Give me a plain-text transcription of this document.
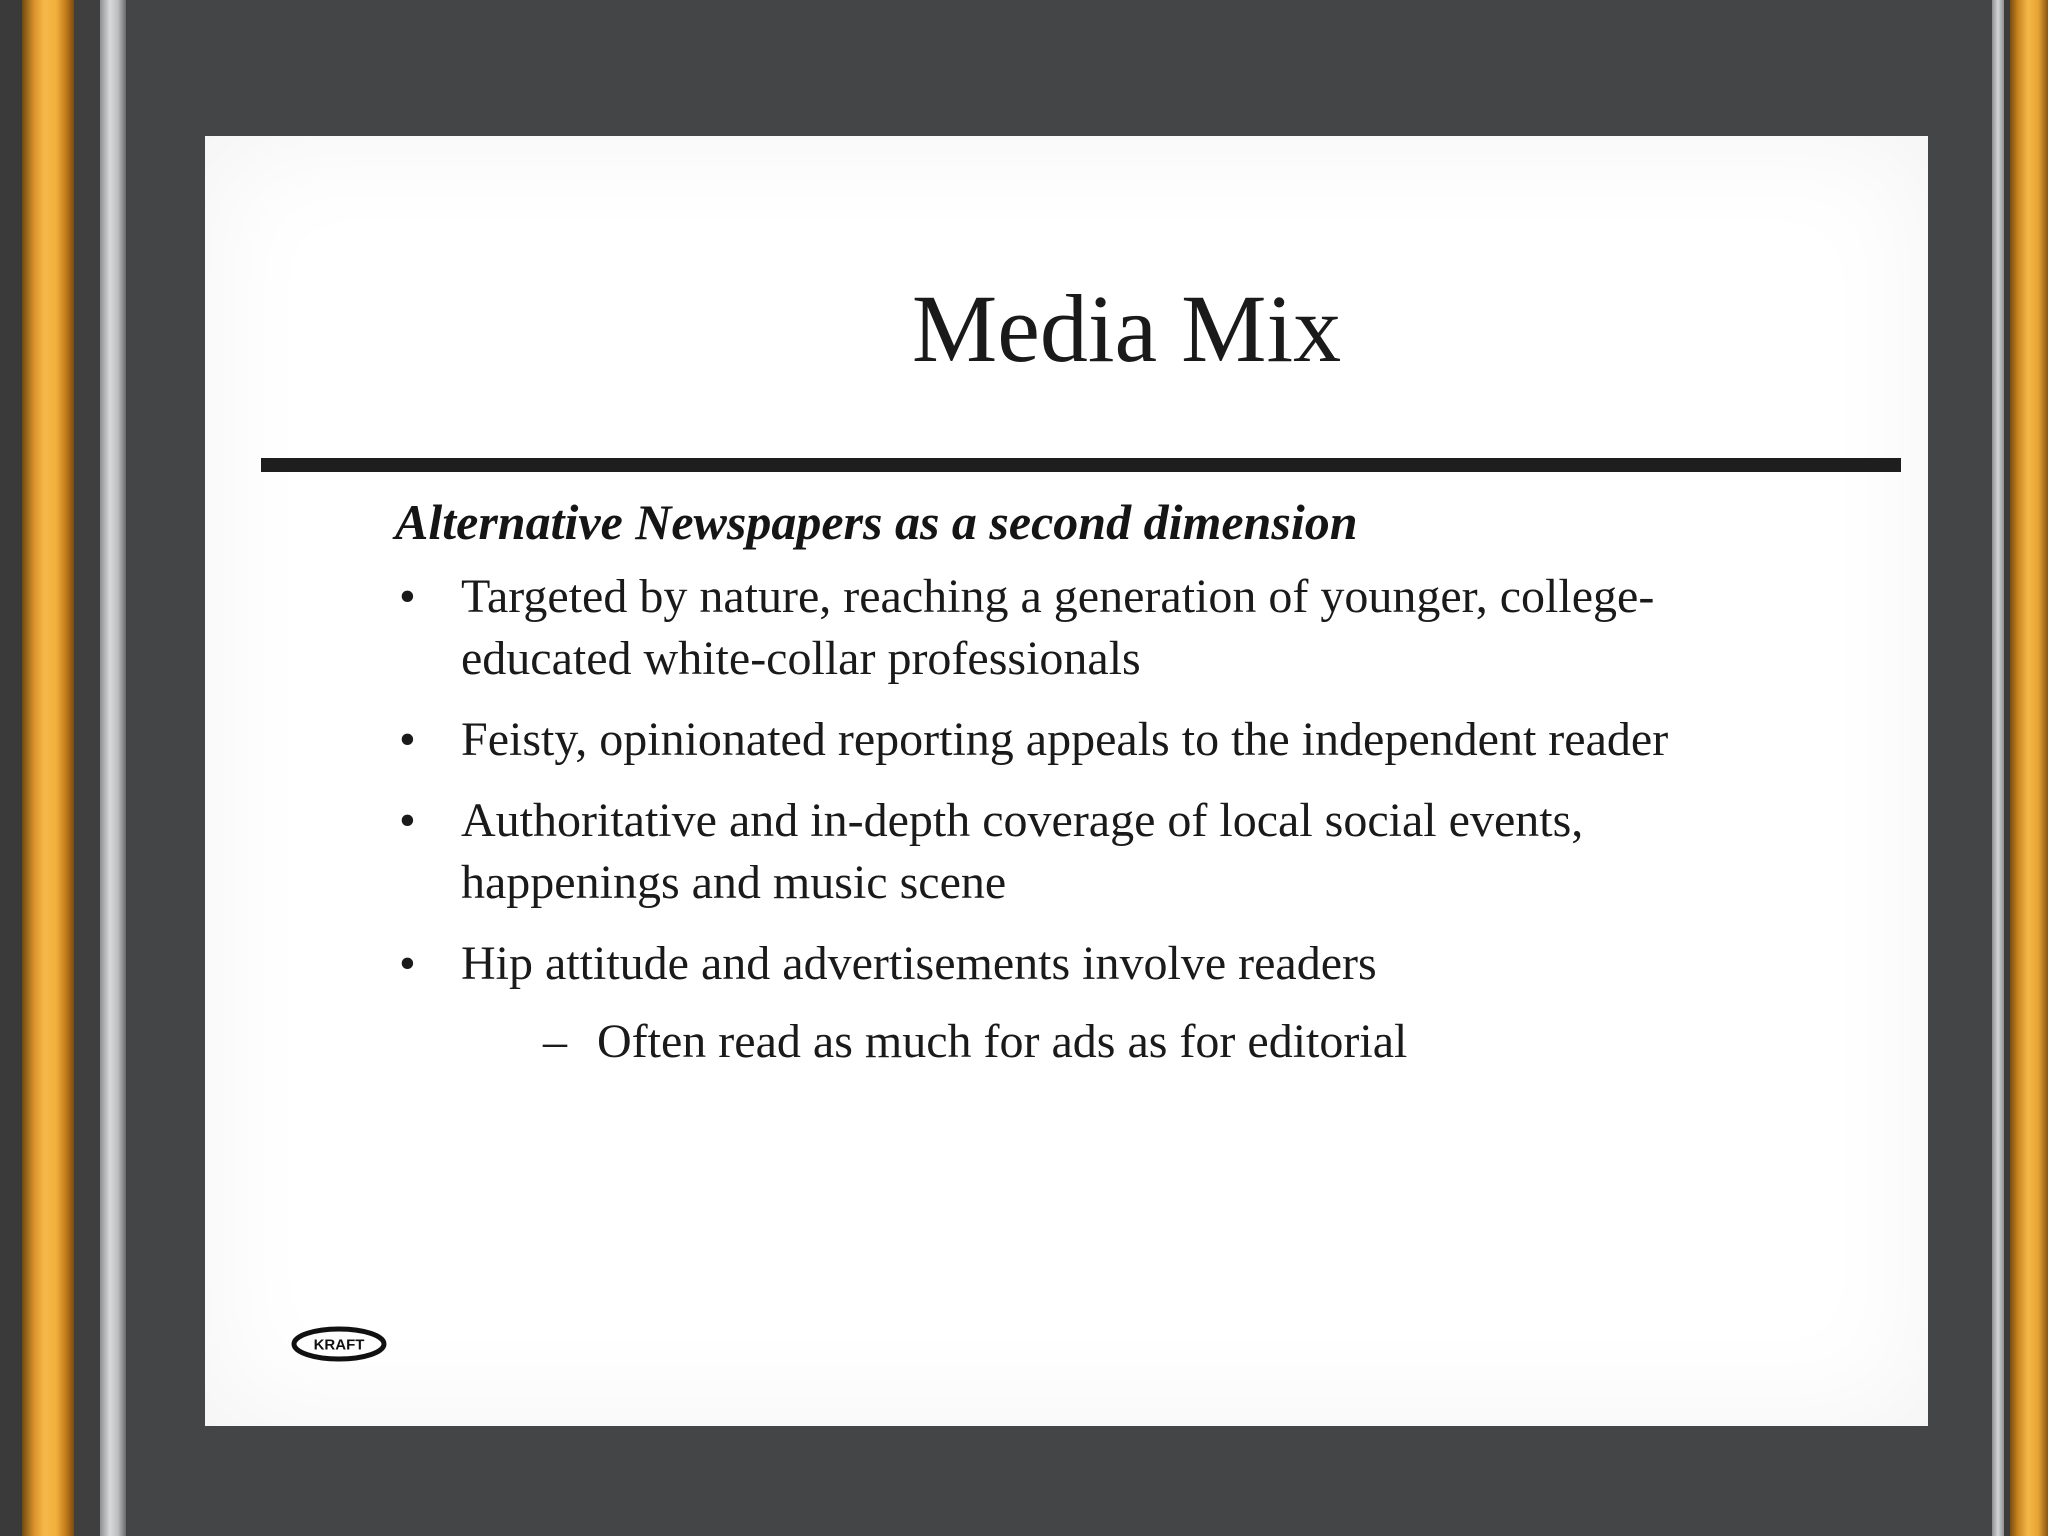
Media Mix

Alternative Newspapers as a second dimension

• Targeted by nature, reaching a generation of younger, college-educated white-collar professionals
• Feisty, opinionated reporting appeals to the independent reader
• Authoritative and in-depth coverage of local social events, happenings and music scene
• Hip attitude and advertisements involve readers
– Often read as much for ads as for editorial
KRAFT
